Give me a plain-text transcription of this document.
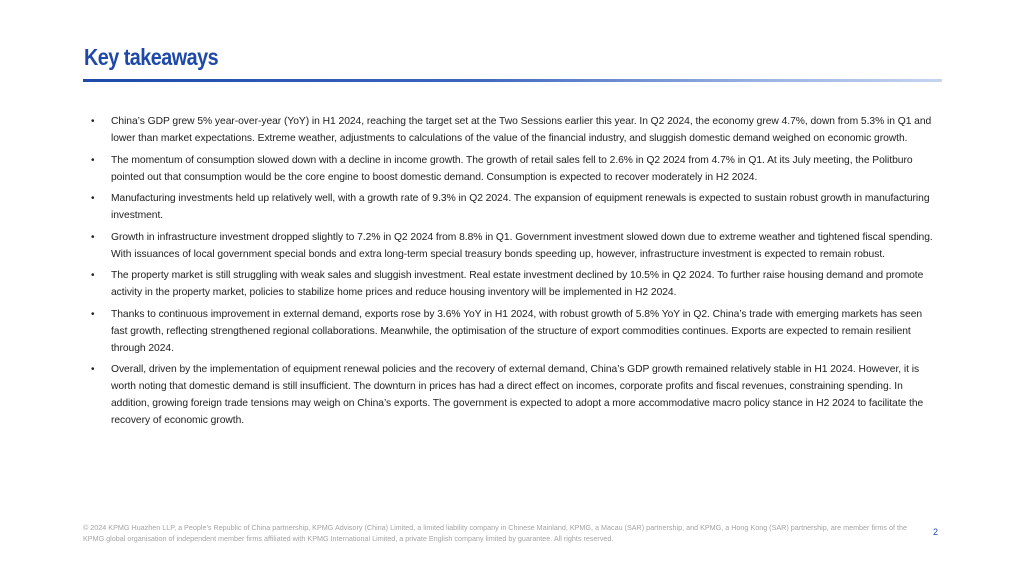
Key takeaways
• China’s GDP grew 5% year-over-year (YoY) in H1 2024, reaching the target set at the Two Sessions earlier this year. In Q2 2024, the economy grew 4.7%, down from 5.3% in Q1 and lower than market expectations. Extreme weather, adjustments to calculations of the value of the financial industry, and sluggish domestic demand weighed on economic growth.
• The momentum of consumption slowed down with a decline in income growth. The growth of retail sales fell to 2.6% in Q2 2024 from 4.7% in Q1. At its July meeting, the Politburo pointed out that consumption would be the core engine to boost domestic demand. Consumption is expected to recover moderately in H2 2024.
• Manufacturing investments held up relatively well, with a growth rate of 9.3% in Q2 2024. The expansion of equipment renewals is expected to sustain robust growth in manufacturing investment.
• Growth in infrastructure investment dropped slightly to 7.2% in Q2 2024 from 8.8% in Q1. Government investment slowed down due to extreme weather and tightened fiscal spending. With issuances of local government special bonds and extra long-term special treasury bonds speeding up, however, infrastructure investment is expected to remain robust.
• The property market is still struggling with weak sales and sluggish investment. Real estate investment declined by 10.5% in Q2 2024. To further raise housing demand and promote activity in the property market, policies to stabilize home prices and reduce housing inventory will be implemented in H2 2024.
• Thanks to continuous improvement in external demand, exports rose by 3.6% YoY in H1 2024, with robust growth of 5.8% YoY in Q2. China’s trade with emerging markets has seen fast growth, reflecting strengthened regional collaborations. Meanwhile, the optimisation of the structure of export commodities continues. Exports are expected to remain resilient through 2024.
• Overall, driven by the implementation of equipment renewal policies and the recovery of external demand, China’s GDP growth remained relatively stable in H1 2024. However, it is worth noting that domestic demand is still insufficient. The downturn in prices has had a direct effect on incomes, corporate profits and fiscal revenues, constraining spending. In addition, growing foreign trade tensions may weigh on China’s exports. The government is expected to adopt a more accommodative macro policy stance in H2 2024 to facilitate the recovery of economic growth.
© 2024 KPMG Huazhen LLP, a People’s Republic of China partnership, KPMG Advisory (China) Limited, a limited liability company in Chinese Mainland, KPMG, a Macau (SAR) partnership, and KPMG, a Hong Kong (SAR) partnership, are member firms of the KPMG global organisation of independent member firms affiliated with KPMG International Limited, a private English company limited by guarantee. All rights reserved.
2
